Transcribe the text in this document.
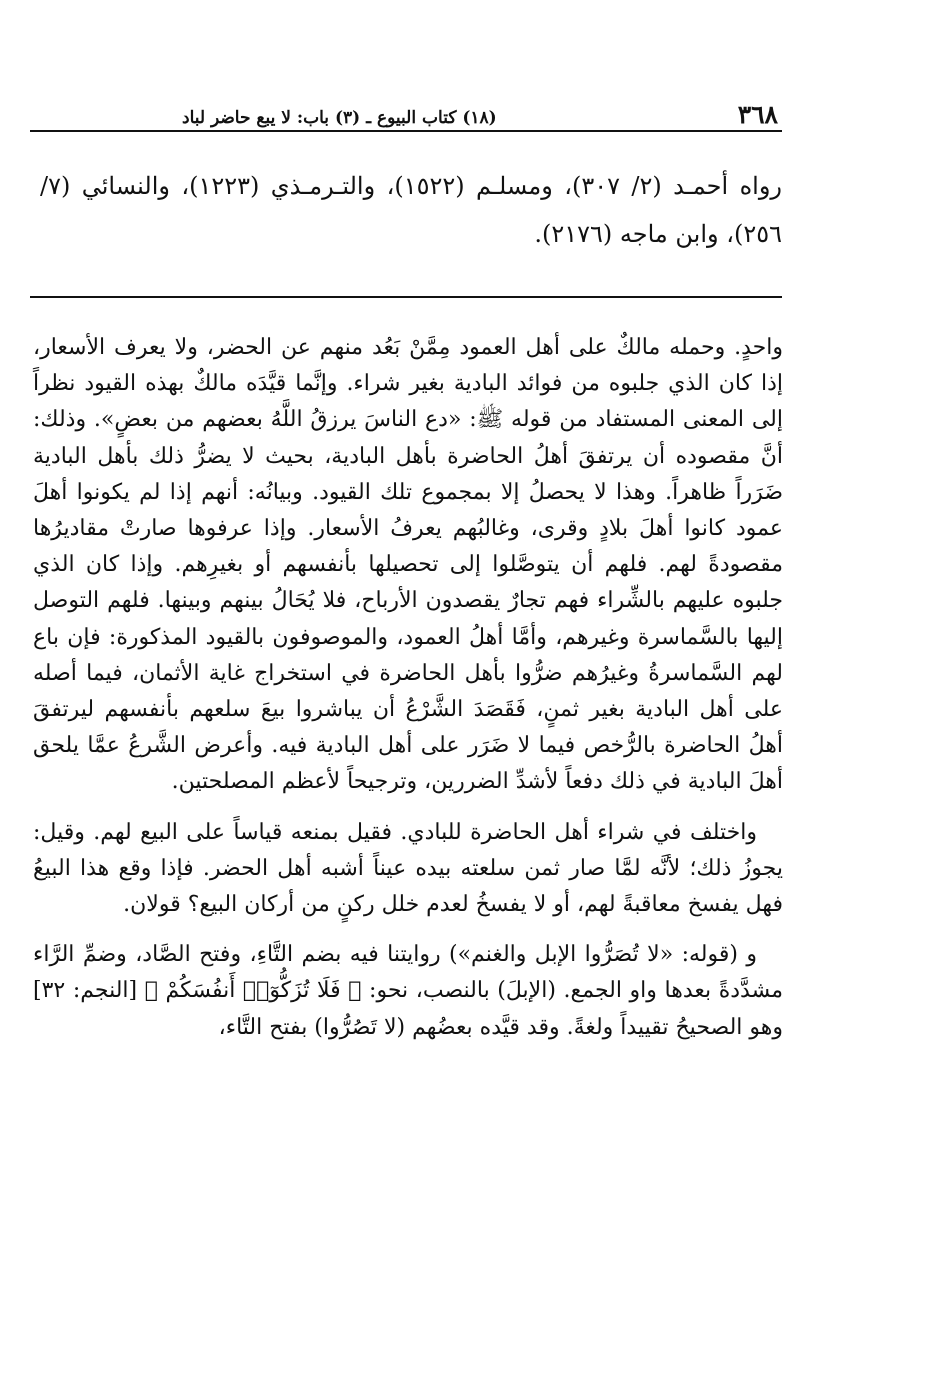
٣٦٨
(١٨) كتاب البيوع ـ (٣) باب: لا يبع حاضر لباد
رواه أحمـد (٢/ ٣٠٧)، ومسلـم (١٥٢٢)، والتـرمـذي (١٢٢٣)، والنسائي (٧/ ٢٥٦)، وابن ماجه (٢١٧٦).

واحدٍ. وحمله مالكٌ على أهل العمود مِمَّنْ بَعُد منهم عن الحضر، ولا يعرف الأسعار، إذا كان الذي جلبوه من فوائد البادية بغير شراء. وإنَّما قيَّدَه مالكٌ بهذه القيود نظراً إلى المعنى المستفاد من قوله ﷺ: «دع الناسَ يرزقُ اللَّهُ بعضهم من بعضٍ». وذلك: أنَّ مقصوده أن يرتفقَ أهلُ الحاضرة بأهل البادية، بحيث لا يضرُّ ذلك بأهل البادية ضَرَراً ظاهراً. وهذا لا يحصلُ إلا بمجموع تلك القيود. وبيانُه: أنهم إذا لم يكونوا أهلَ عمود كانوا أهلَ بلادٍ وقرى، وغالبُهم يعرفُ الأسعار. وإذا عرفوها صارتْ مقاديرُها مقصودةً لهم. فلهم أن يتوصَّلوا إلى تحصيلها بأنفسهم أو بغيرِهم. وإذا كان الذي جلبوه عليهم بالشِّراء فهم تجارٌ يقصدون الأرباح، فلا يُحَالُ بينهم وبينها. فلهم التوصل إليها بالسَّماسرة وغيرهم، وأمَّا أهلُ العمود، والموصوفون بالقيود المذكورة: فإن باع لهم السَّماسرةُ وغيرُهم ضرُّوا بأهل الحاضرة في استخراج غاية الأثمان، فيما أصله على أهل البادية بغير ثمنٍ، فَقَصَدَ الشَّرْعُ أن يباشروا بيعَ سلعهم بأنفسهم ليرتفقَ أهلُ الحاضرة بالرُّخص فيما لا ضَرَر على أهل البادية فيه. وأعرض الشَّرعُ عمَّا يلحق أهلَ البادية في ذلك دفعاً لأشدِّ الضررين، وترجيحاً لأعظم المصلحتين.

واختلف في شراء أهل الحاضرة للبادي. فقيل بمنعه قياساً على البيع لهم. وقيل: يجوزُ ذلك؛ لأنَّه لمَّا صار ثمن سلعته بيده عيناً أشبه أهل الحضر. فإذا وقع هذا البيعُ فهل يفسخ معاقبةً لهم، أو لا يفسخُ لعدم خلل ركنٍ من أركان البيع؟ قولان.

و (قوله: «لا تُصَرُّوا الإبل والغنم») روايتنا فيه بضم التَّاءِ، وفتح الصَّاد، وضمِّ الرَّاء مشدَّدةً بعدها واو الجمع. (الإبلَ) بالنصب، نحو: ﴿ فَلَا تُزَكُّوٓا۟ أَنفُسَكُمْ ﴾ [النجم: ٣٢] وهو الصحيحُ تقييداً ولغةً. وقد قيَّده بعضُهم (لا تَصُرُّوا) بفتح التَّاء،
